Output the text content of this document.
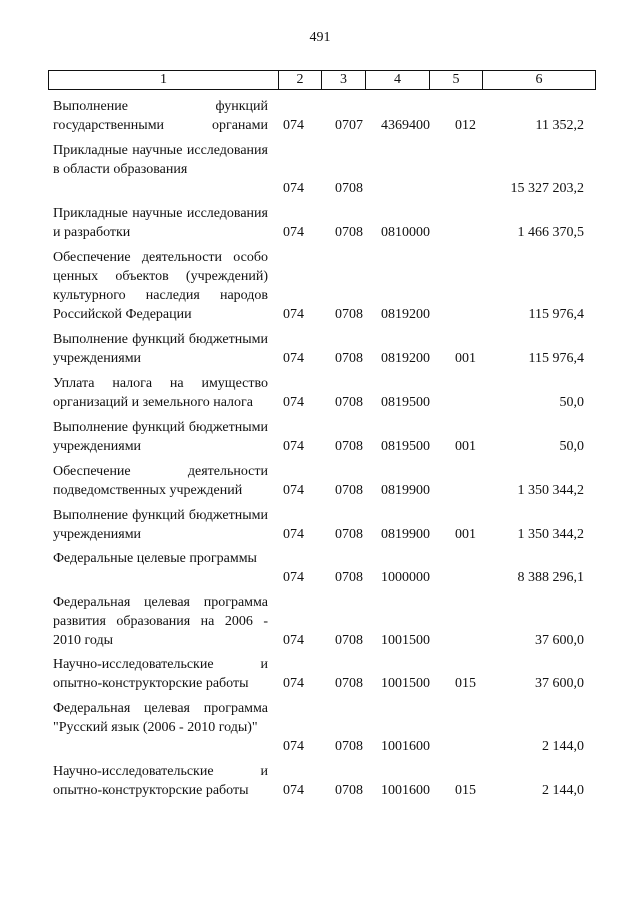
491
1	2	3	4	5	6
Выполнение функций государственными органами 074 0707 4369400 012	11 352,2
Прикладные научные исследования в области образования
074 0708	15 327 203,2
Прикладные научные исследования и разработки	074 0708 0810000	1 466 370,5
Обеспечение деятельности особо ценных объектов (учреждений) культурного наследия народов Российской Федерации	074 0708 0819200	115 976,4
Выполнение функций бюджетными учреждениями	074 0708 0819200 001	115 976,4
Уплата налога на имущество организаций и земельного налога	074 0708 0819500	50,0
Выполнение функций бюджетными учреждениями	074 0708 0819500 001	50,0
Обеспечение деятельности подведомственных учреждений	074 0708 0819900	1 350 344,2
Выполнение функций бюджетными учреждениями	074 0708 0819900 001	1 350 344,2
Федеральные целевые программы
074 0708 1000000	8 388 296,1
Федеральная целевая программа развития образования на 2006 - 2010 годы	074 0708 1001500	37 600,0
Научно-исследовательские и опытно-конструкторские работы	074 0708 1001500 015	37 600,0
Федеральная целевая программа "Русский язык (2006 - 2010 годы)"
074 0708 1001600	2 144,0
Научно-исследовательские и опытно-конструкторские работы	074 0708 1001600 015	2 144,0
